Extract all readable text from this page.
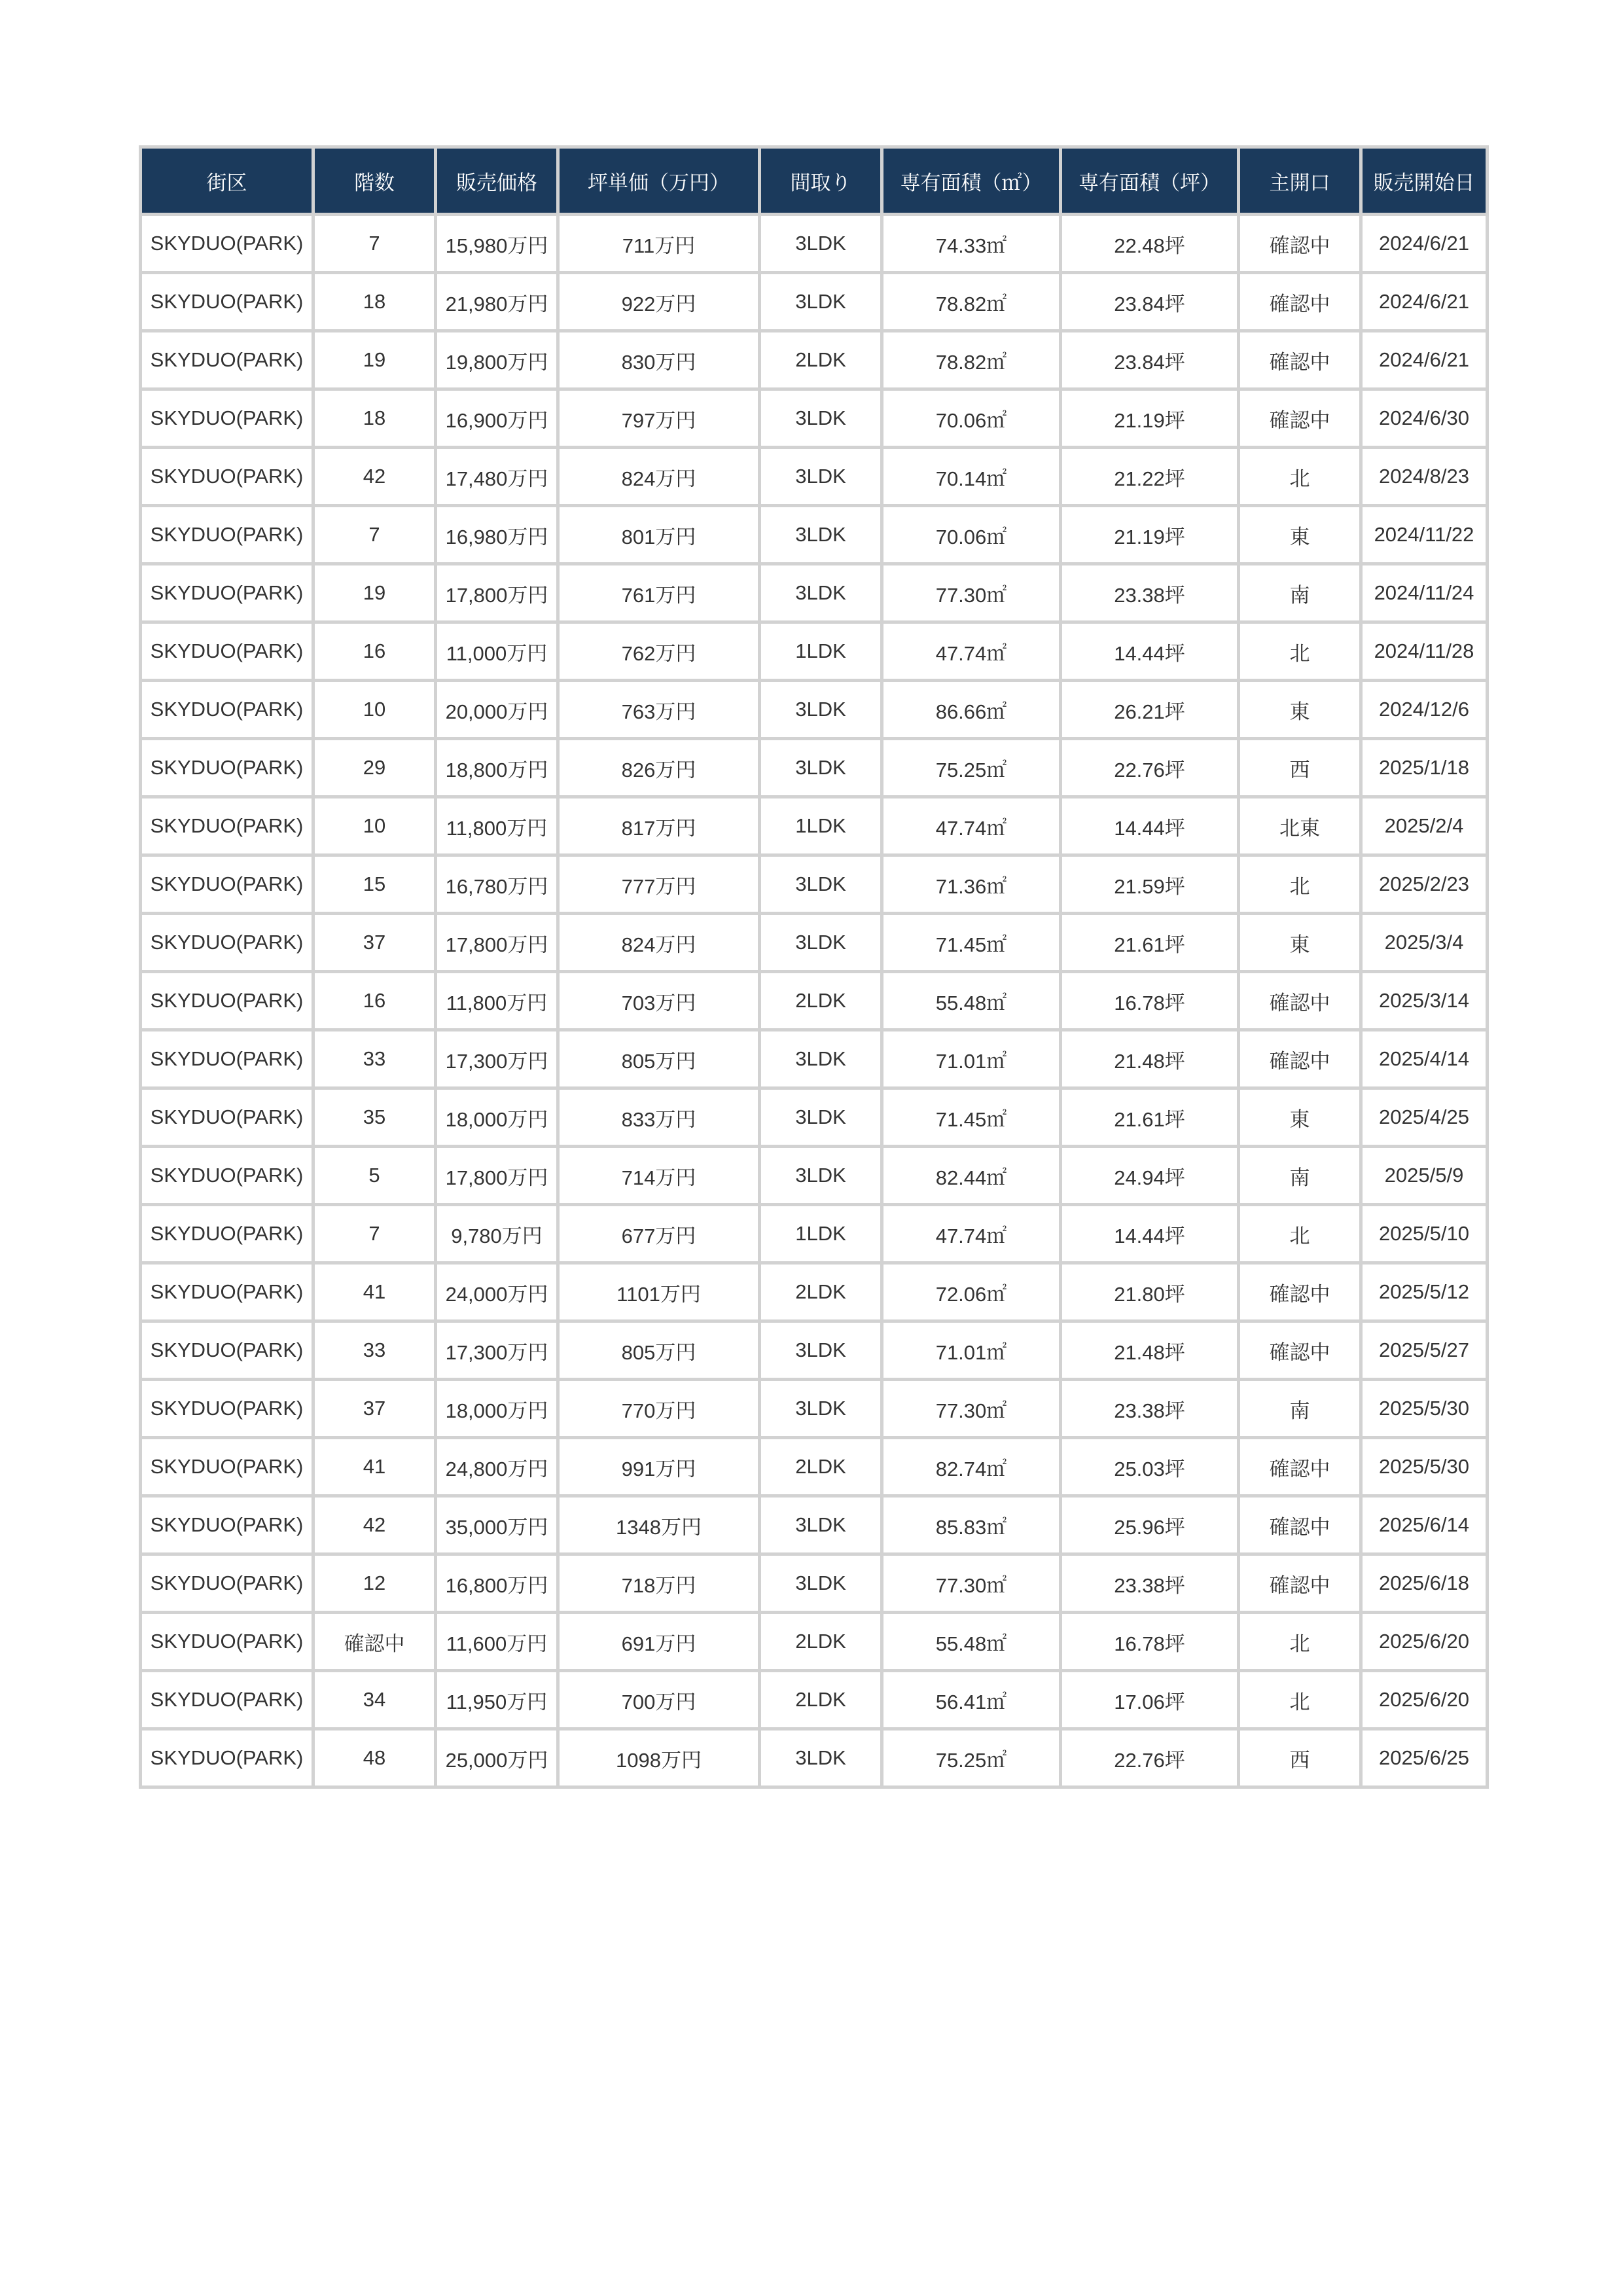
街区	階数	販売価格	坪単価（万円）	間取り	専有面積（㎡）	専有面積（坪）	主開口	販売開始日
SKYDUO(PARK)	7	15,980万円	711万円	3LDK	74.33㎡	22.48坪	確認中	2024/6/21
SKYDUO(PARK)	18	21,980万円	922万円	3LDK	78.82㎡	23.84坪	確認中	2024/6/21
SKYDUO(PARK)	19	19,800万円	830万円	2LDK	78.82㎡	23.84坪	確認中	2024/6/21
SKYDUO(PARK)	18	16,900万円	797万円	3LDK	70.06㎡	21.19坪	確認中	2024/6/30
SKYDUO(PARK)	42	17,480万円	824万円	3LDK	70.14㎡	21.22坪	北	2024/8/23
SKYDUO(PARK)	7	16,980万円	801万円	3LDK	70.06㎡	21.19坪	東	2024/11/22
SKYDUO(PARK)	19	17,800万円	761万円	3LDK	77.30㎡	23.38坪	南	2024/11/24
SKYDUO(PARK)	16	11,000万円	762万円	1LDK	47.74㎡	14.44坪	北	2024/11/28
SKYDUO(PARK)	10	20,000万円	763万円	3LDK	86.66㎡	26.21坪	東	2024/12/6
SKYDUO(PARK)	29	18,800万円	826万円	3LDK	75.25㎡	22.76坪	西	2025/1/18
SKYDUO(PARK)	10	11,800万円	817万円	1LDK	47.74㎡	14.44坪	北東	2025/2/4
SKYDUO(PARK)	15	16,780万円	777万円	3LDK	71.36㎡	21.59坪	北	2025/2/23
SKYDUO(PARK)	37	17,800万円	824万円	3LDK	71.45㎡	21.61坪	東	2025/3/4
SKYDUO(PARK)	16	11,800万円	703万円	2LDK	55.48㎡	16.78坪	確認中	2025/3/14
SKYDUO(PARK)	33	17,300万円	805万円	3LDK	71.01㎡	21.48坪	確認中	2025/4/14
SKYDUO(PARK)	35	18,000万円	833万円	3LDK	71.45㎡	21.61坪	東	2025/4/25
SKYDUO(PARK)	5	17,800万円	714万円	3LDK	82.44㎡	24.94坪	南	2025/5/9
SKYDUO(PARK)	7	9,780万円	677万円	1LDK	47.74㎡	14.44坪	北	2025/5/10
SKYDUO(PARK)	41	24,000万円	1101万円	2LDK	72.06㎡	21.80坪	確認中	2025/5/12
SKYDUO(PARK)	33	17,300万円	805万円	3LDK	71.01㎡	21.48坪	確認中	2025/5/27
SKYDUO(PARK)	37	18,000万円	770万円	3LDK	77.30㎡	23.38坪	南	2025/5/30
SKYDUO(PARK)	41	24,800万円	991万円	2LDK	82.74㎡	25.03坪	確認中	2025/5/30
SKYDUO(PARK)	42	35,000万円	1348万円	3LDK	85.83㎡	25.96坪	確認中	2025/6/14
SKYDUO(PARK)	12	16,800万円	718万円	3LDK	77.30㎡	23.38坪	確認中	2025/6/18
SKYDUO(PARK)	確認中	11,600万円	691万円	2LDK	55.48㎡	16.78坪	北	2025/6/20
SKYDUO(PARK)	34	11,950万円	700万円	2LDK	56.41㎡	17.06坪	北	2025/6/20
SKYDUO(PARK)	48	25,000万円	1098万円	3LDK	75.25㎡	22.76坪	西	2025/6/25
